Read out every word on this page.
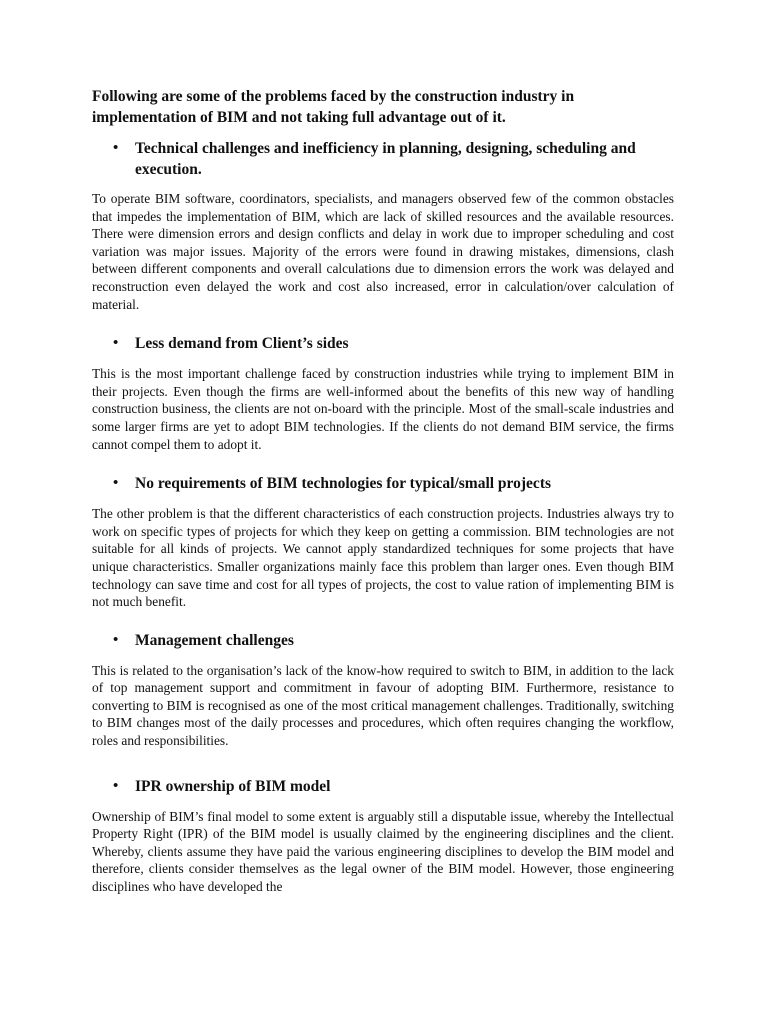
Following are some of the problems faced by the construction industry in implementation of BIM and not taking full advantage out of it.

•	Technical challenges and inefficiency in planning, designing, scheduling and execution.

To operate BIM software, coordinators, specialists, and managers observed few of the common obstacles that impedes the implementation of BIM, which are lack of skilled resources and the available resources. There were dimension errors and design conflicts and delay in work due to improper scheduling and cost variation was major issues. Majority of the errors were found in drawing mistakes, dimensions, clash between different components and overall calculations due to dimension errors the work was delayed and reconstruction even delayed the work and cost also increased, error in calculation/over calculation of material.

•	Less demand from Client’s sides

This is the most important challenge faced by construction industries while trying to implement BIM in their projects. Even though the firms are well-informed about the benefits of this new way of handling construction business, the clients are not on-board with the principle. Most of the small-scale industries and some larger firms are yet to adopt BIM technologies. If the clients do not demand BIM service, the firms cannot compel them to adopt it.

•	No requirements of BIM technologies for typical/small projects

The other problem is that the different characteristics of each construction projects. Industries always try to work on specific types of projects for which they keep on getting a commission. BIM technologies are not suitable for all kinds of projects. We cannot apply standardized techniques for some projects that have unique characteristics. Smaller organizations mainly face this problem than larger ones. Even though BIM technology can save time and cost for all types of projects, the cost to value ration of implementing BIM is not much benefit.

•	Management challenges

This is related to the organisation’s lack of the know-how required to switch to BIM, in addition to the lack of top management support and commitment in favour of adopting BIM. Furthermore, resistance to converting to BIM is recognised as one of the most critical management challenges. Traditionally, switching to BIM changes most of the daily processes and procedures, which often requires changing the workflow, roles and responsibilities.

•	IPR ownership of BIM model

Ownership of BIM’s final model to some extent is arguably still a disputable issue, whereby the Intellectual Property Right (IPR) of the BIM model is usually claimed by the engineering disciplines and the client. Whereby, clients assume they have paid the various engineering disciplines to develop the BIM model and therefore, clients consider themselves as the legal owner of the BIM model. However, those engineering disciplines who have developed the
